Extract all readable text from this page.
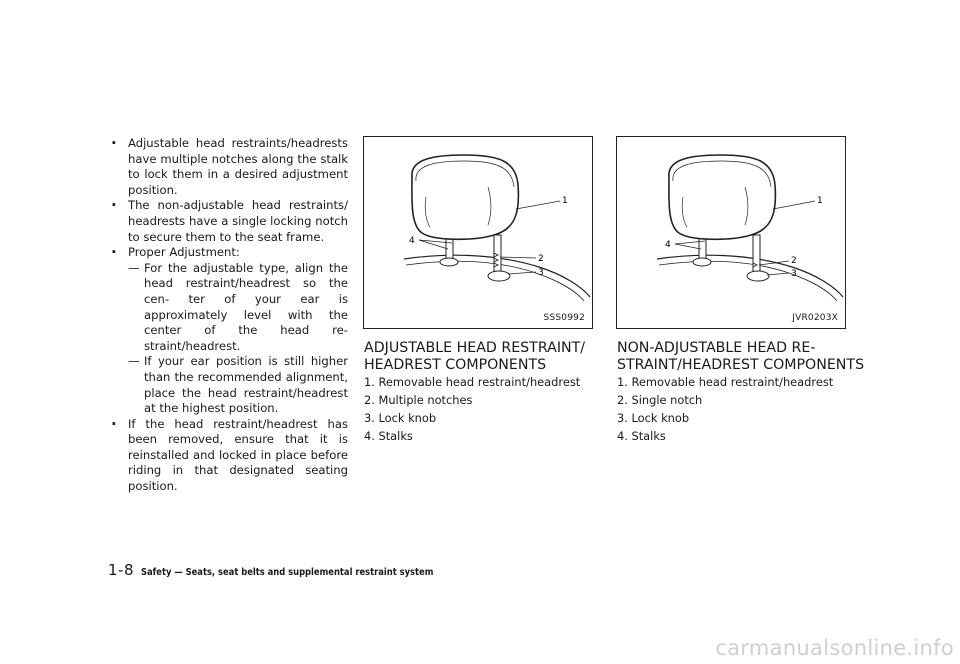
. Adjustable head restraints/headrests have multiple notches along the stalk to lock them in a desired adjustment position.
. The non-adjustable head restraints/ headrests have a single locking notch to secure them to the seat frame.
. Proper Adjustment:
— For the adjustable type, align the head restraint/headrest so the cen- ter of your ear is approximately level with the center of the head re- straint/headrest.
— If your ear position is still higher than the recommended alignment, place the head restraint/headrest at the highest position.
. If the head restraint/headrest has been removed, ensure that it is reinstalled and locked in place before riding in that designated seating position.
1
2
3
4
SSS0992
1
2
3
4
JVR0203X
ADJUSTABLE HEAD RESTRAINT/
HEADREST COMPONENTS
NON-ADJUSTABLE HEAD RE-
STRAINT/HEADREST COMPONENTS
1. Removable head restraint/headrest
2. Multiple notches
3. Lock knob
4. Stalks
1. Removable head restraint/headrest
2. Single notch
3. Lock knob
4. Stalks
1-8 Safety — Seats, seat belts and supplemental restraint system
carmanualsonline.info
